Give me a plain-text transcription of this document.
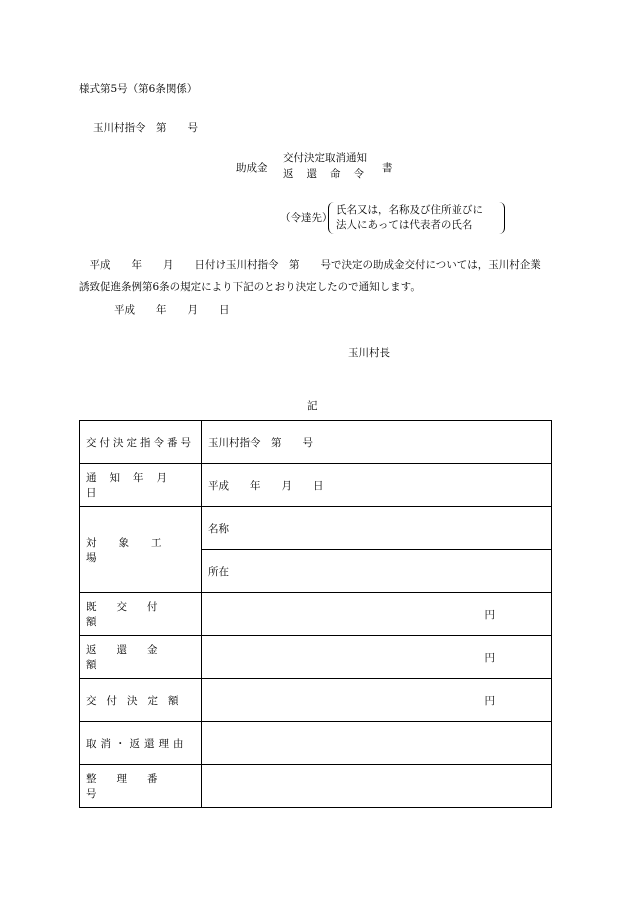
様式第5号（第6条関係）
玉川村指令　第　　号
助成金
交付決定取消通知
返還命令 書
（令達先）
氏名又は，名称及び住所並びに
法人にあっては代表者の氏名
　平成　　年　　月　　日付け玉川村指令　第　　号で決定の助成金交付については，玉川村企業誘致促進条例第6条の規定により下記のとおり決定したので通知します。
平成　　年　　月　　日
玉川村長
記
交付決定指令番号	玉川村指令　第　　号

通知年月日	平成　　年　　月　　日

対象工場	名称
	所在

既交付額	円

返還金額	円

交付決定額	円

取消・返還理由	

整理番号	
